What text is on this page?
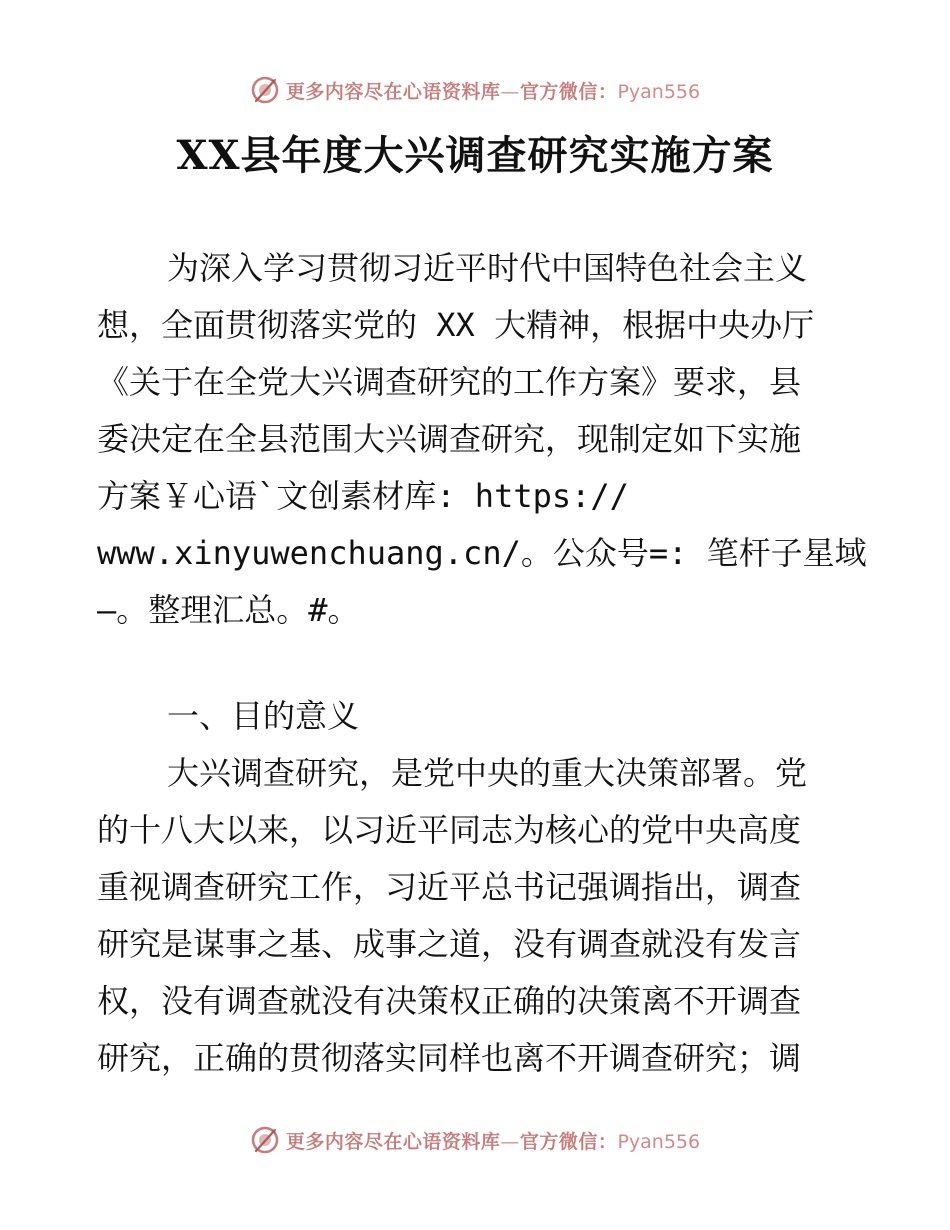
更多内容尽在心语资料库—官方微信：Pyan556
XX县年度大兴调查研究实施方案
为深入学习贯彻习近平时代中国特色社会主义
想，全面贯彻落实党的 XX 大精神，根据中央办厅
《关于在全党大兴调查研究的工作方案》要求，县
委决定在全县范围大兴调查研究，现制定如下实施
方案￥心语`文创素材库: https://
www.xinyuwenchuang.cn/。公众号=: 笔杆子星域
—。整理汇总。#。
一、目的意义
大兴调查研究，是党中央的重大决策部署。党
的十八大以来，以习近平同志为核心的党中央高度
重视调查研究工作，习近平总书记强调指出，调查
研究是谋事之基、成事之道，没有调查就没有发言
权，没有调查就没有决策权正确的决策离不开调查
研究，正确的贯彻落实同样也离不开调查研究；调
更多内容尽在心语资料库—官方微信：Pyan556
